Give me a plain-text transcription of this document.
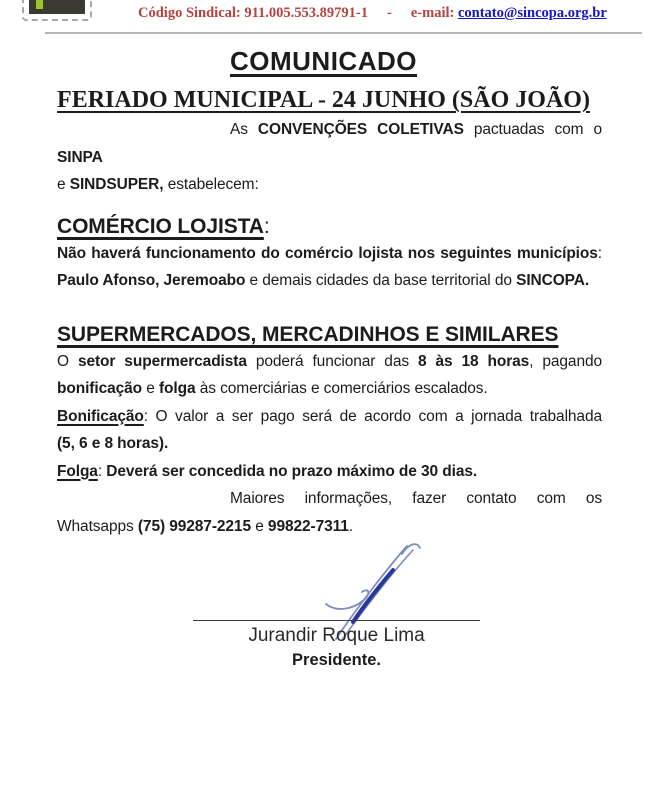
Código Sindical: 911.005.553.89791-1 - e-mail: contato@sincopa.org.br
COMUNICADO
FERIADO MUNICIPAL - 24 JUNHO (SÃO JOÃO)

As CONVENÇÕES COLETIVAS pactuadas com o SINPA

e SINDSUPER, estabelecem:

COMÉRCIO LOJISTA:

Não haverá funcionamento do comércio lojista nos seguintes municípios:

Paulo Afonso, Jeremoabo e demais cidades da base territorial do SINCOPA.

SUPERMERCADOS, MERCADINHOS E SIMILARES

O setor supermercadista poderá funcionar das 8 às 18 horas, pagando

bonificação e folga às comerciárias e comerciários escalados.

Bonificação: O valor a ser pago será de acordo com a jornada trabalhada

(5, 6 e 8 horas).

Folga: Deverá ser concedida no prazo máximo de 30 dias.

Maiores informações, fazer contato com os

Whatsapps (75) 99287-2215 e 99822-7311.

Jurandir Roque Lima
Presidente.
